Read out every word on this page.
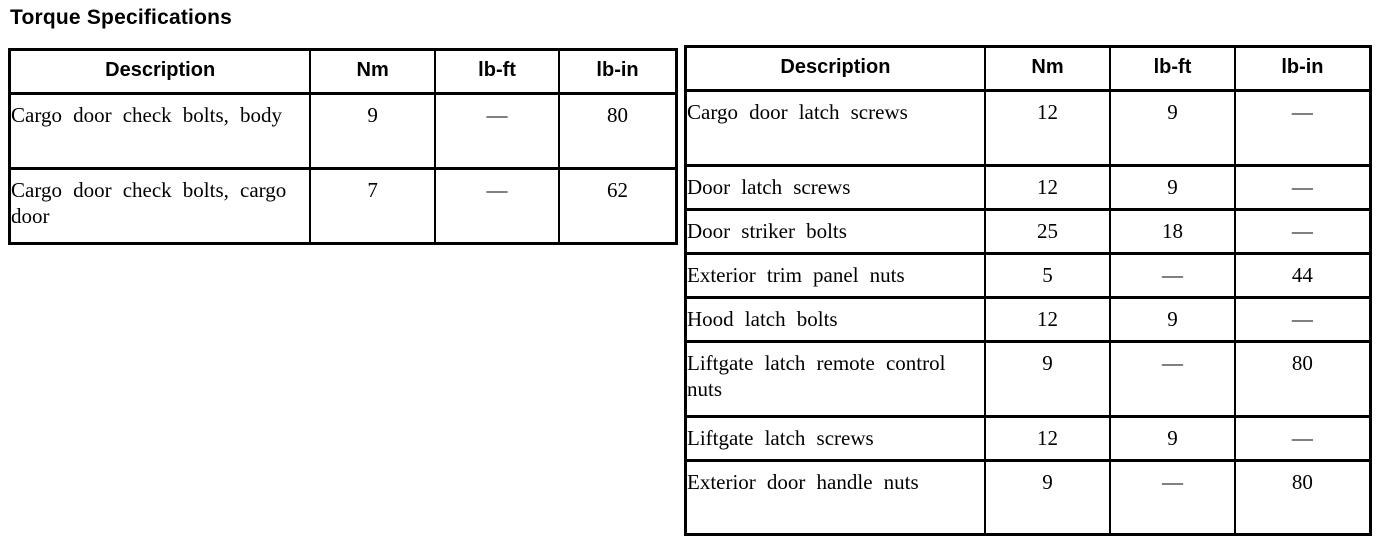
Torque Specifications
Description	Nm	lb-ft	lb-in
Cargo door check bolts, body	9	—	80
Cargo door check bolts, cargo door	7	—	62
Description	Nm	lb-ft	lb-in
Cargo door latch screws	12	9	—
Door latch screws	12	9	—
Door striker bolts	25	18	—
Exterior trim panel nuts	5	—	44
Hood latch bolts	12	9	—
Liftgate latch remote control nuts	9	—	80
Liftgate latch screws	12	9	—
Exterior door handle nuts	9	—	80
